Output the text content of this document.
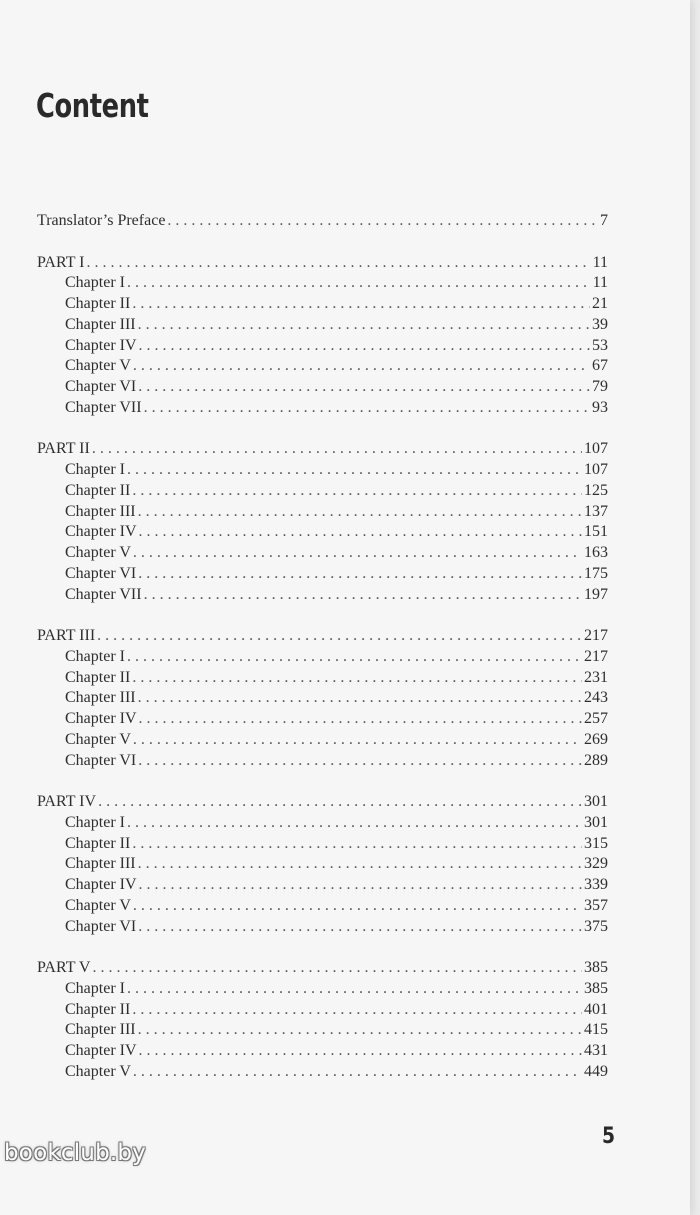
Content
Translator’s Preface . . .	7
PART I . . .	11
Chapter I . . .	11
Chapter II . . .	21
Chapter III . . .	39
Chapter IV . . .	53
Chapter V . . .	67
Chapter VI . . .	79
Chapter VII . . .	93
PART II . . .	107
Chapter I . . .	107
Chapter II . . .	125
Chapter III . . .	137
Chapter IV . . .	151
Chapter V . . .	163
Chapter VI . . .	175
Chapter VII . . .	197
PART III . . .	217
Chapter I . . .	217
Chapter II . . .	231
Chapter III . . .	243
Chapter IV . . .	257
Chapter V . . .	269
Chapter VI . . .	289
PART IV . . .	301
Chapter I . . .	301
Chapter II . . .	315
Chapter III . . .	329
Chapter IV . . .	339
Chapter V . . .	357
Chapter VI . . .	375
PART V . . .	385
Chapter I . . .	385
Chapter II . . .	401
Chapter III . . .	415
Chapter IV . . .	431
Chapter V . . .	449
5
bookclub.by
